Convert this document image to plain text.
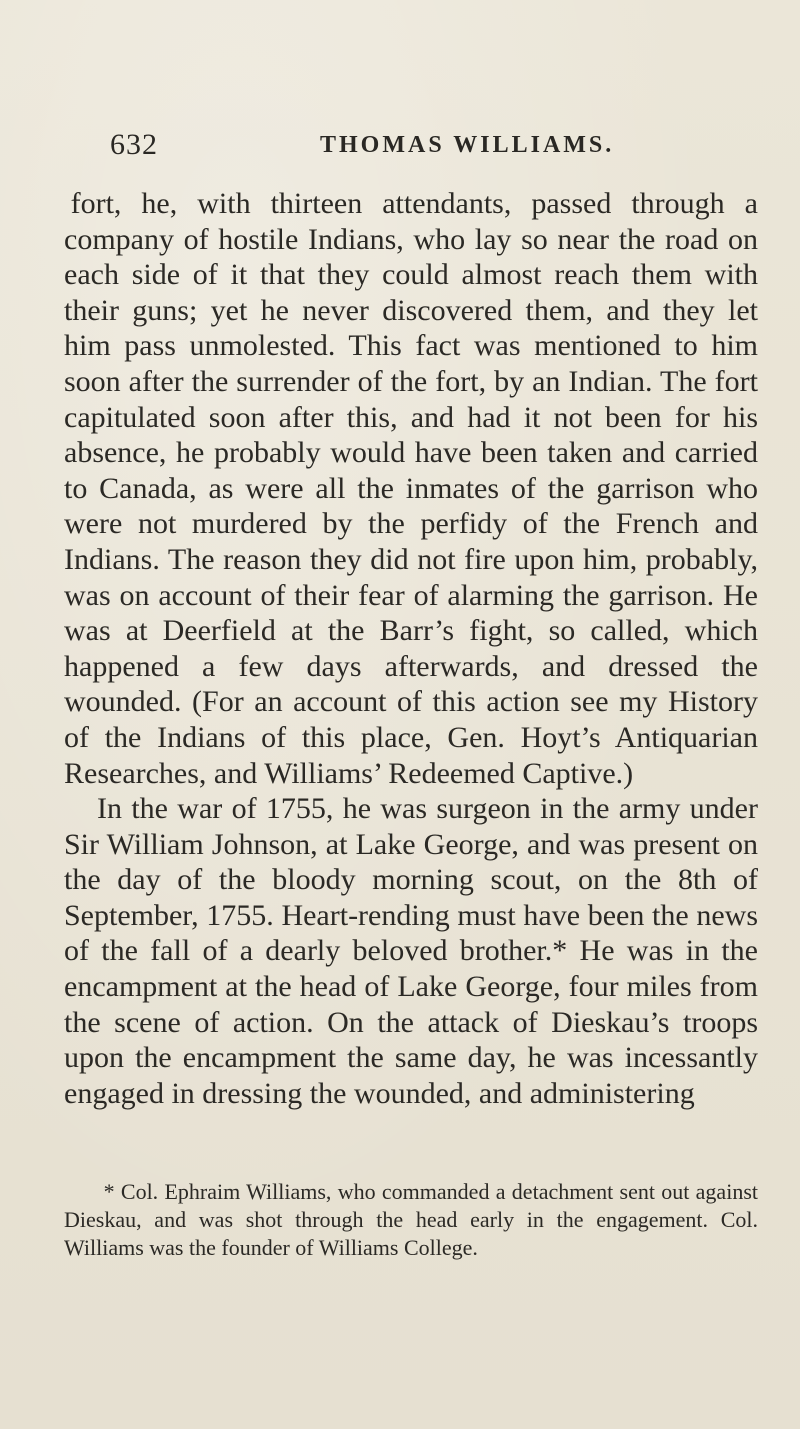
632	THOMAS WILLIAMS.

fort, he, with thirteen attendants, passed through a company of hostile Indians, who lay so near the road on each side of it that they could almost reach them with their guns; yet he never discovered them, and they let him pass unmolested. This fact was mentioned to him soon after the surrender of the fort, by an Indian. The fort capitulated soon after this, and had it not been for his absence, he probably would have been taken and carried to Canada, as were all the inmates of the garrison who were not murdered by the perfidy of the French and Indians. The reason they did not fire upon him, probably, was on account of their fear of alarming the garrison. He was at Deerfield at the Barr’s fight, so called, which happened a few days afterwards, and dressed the wounded. (For an account of this action see my History of the Indians of this place, Gen. Hoyt’s Antiquarian Researches, and Williams’ Redeemed Captive.)

In the war of 1755, he was surgeon in the army under Sir William Johnson, at Lake George, and was present on the day of the bloody morning scout, on the 8th of September, 1755. Heart-rending must have been the news of the fall of a dearly beloved brother.* He was in the encampment at the head of Lake George, four miles from the scene of action. On the attack of Dieskau’s troops upon the encampment the same day, he was incessantly engaged in dressing the wounded, and administering

* Col. Ephraim Williams, who commanded a detachment sent out against Dieskau, and was shot through the head early in the engagement. Col. Williams was the founder of Williams College.
